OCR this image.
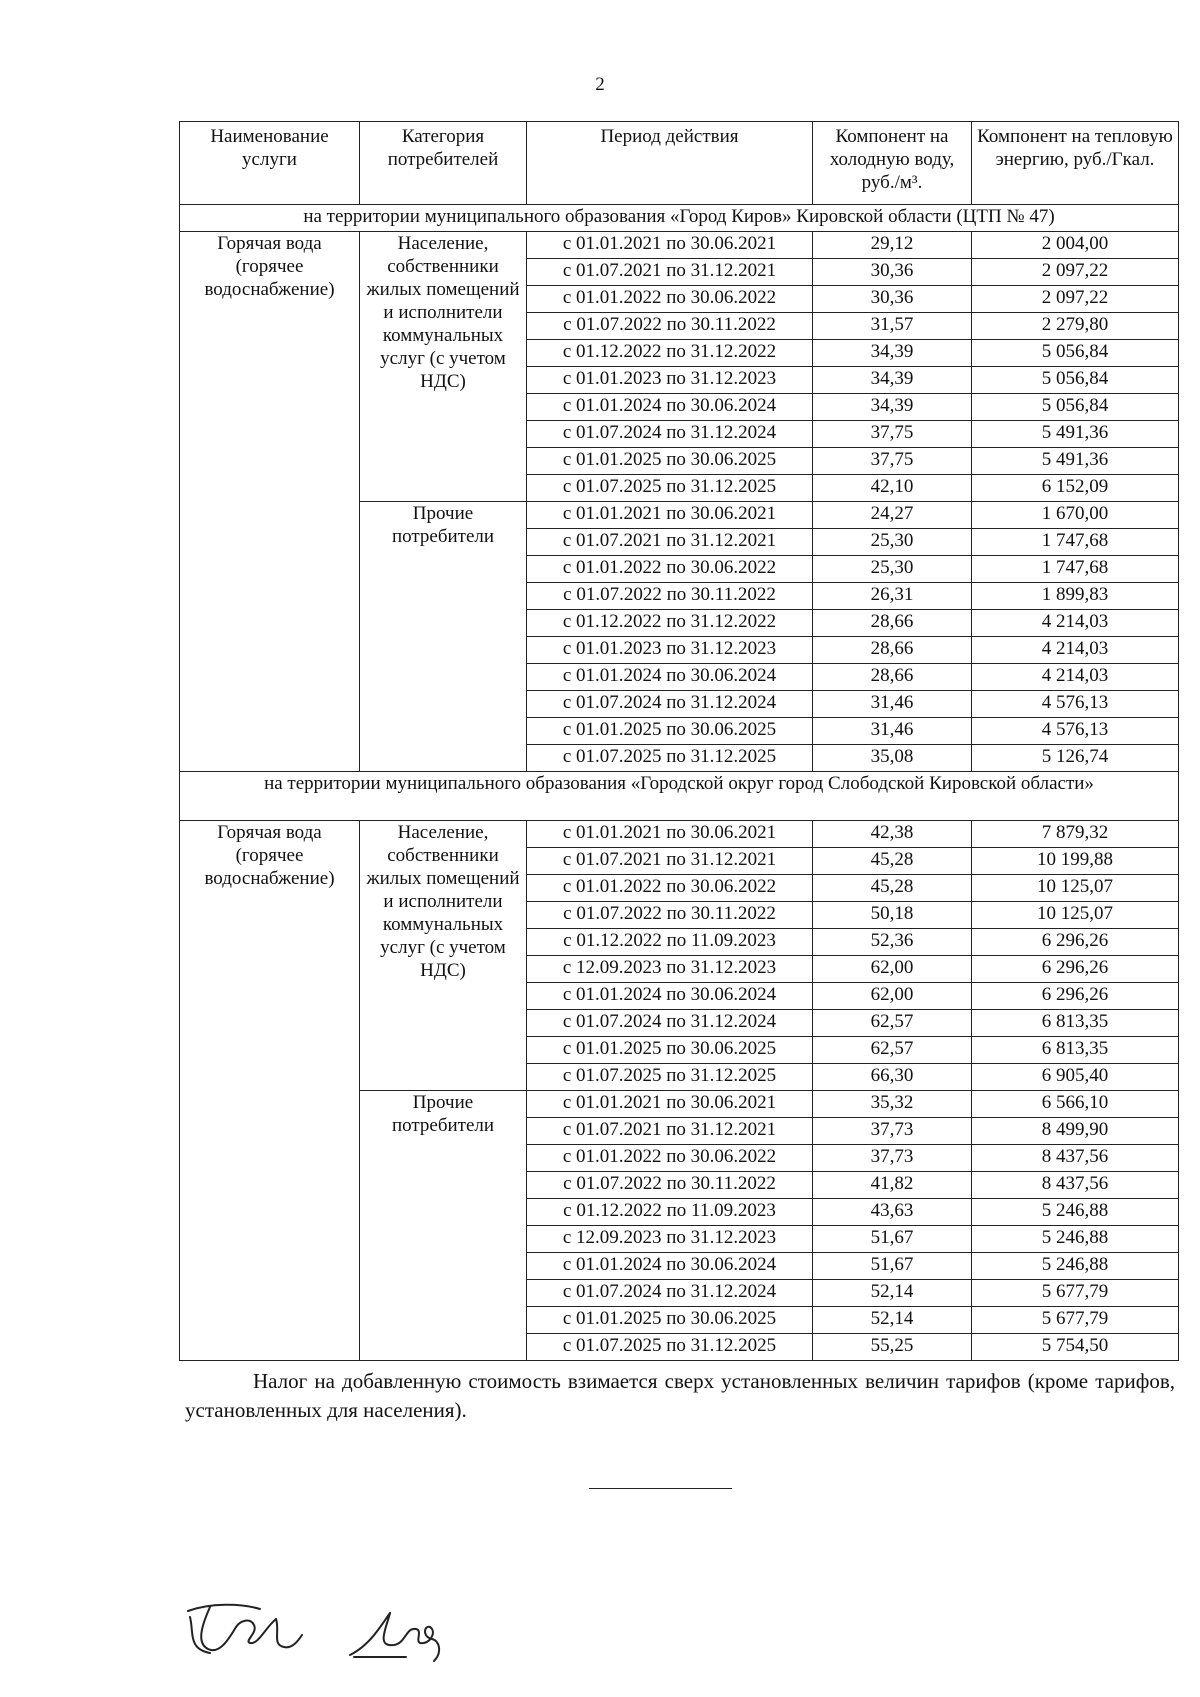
2
Наименование услуги	Категория потребителей	Период действия	Компонент на холодную воду, руб./м³.	Компонент на тепловую энергию, руб./Гкал.
на территории муниципального образования «Город Киров» Кировской области (ЦТП № 47)				
Горячая вода (горячее водоснабжение)	Население, собственники жилых помещений и исполнители коммунальных услуг (с учетом НДС)	с 01.01.2021 по 30.06.2021	29,12	2 004,00
		с 01.07.2021 по 31.12.2021	30,36	2 097,22
		с 01.01.2022 по 30.06.2022	30,36	2 097,22
		с 01.07.2022 по 30.11.2022	31,57	2 279,80
		с 01.12.2022 по 31.12.2022	34,39	5 056,84
		с 01.01.2023 по 31.12.2023	34,39	5 056,84
		с 01.01.2024 по 30.06.2024	34,39	5 056,84
		с 01.07.2024 по 31.12.2024	37,75	5 491,36
		с 01.01.2025 по 30.06.2025	37,75	5 491,36
		с 01.07.2025 по 31.12.2025	42,10	6 152,09
	Прочие потребители	с 01.01.2021 по 30.06.2021	24,27	1 670,00
		с 01.07.2021 по 31.12.2021	25,30	1 747,68
		с 01.01.2022 по 30.06.2022	25,30	1 747,68
		с 01.07.2022 по 30.11.2022	26,31	1 899,83
		с 01.12.2022 по 31.12.2022	28,66	4 214,03
		с 01.01.2023 по 31.12.2023	28,66	4 214,03
		с 01.01.2024 по 30.06.2024	28,66	4 214,03
		с 01.07.2024 по 31.12.2024	31,46	4 576,13
		с 01.01.2025 по 30.06.2025	31,46	4 576,13
		с 01.07.2025 по 31.12.2025	35,08	5 126,74
на территории муниципального образования «Городской округ город Слободской Кировской области»				
Горячая вода (горячее водоснабжение)	Население, собственники жилых помещений и исполнители коммунальных услуг (с учетом НДС)	с 01.01.2021 по 30.06.2021	42,38	7 879,32
		с 01.07.2021 по 31.12.2021	45,28	10 199,88
		с 01.01.2022 по 30.06.2022	45,28	10 125,07
		с 01.07.2022 по 30.11.2022	50,18	10 125,07
		с 01.12.2022 по 11.09.2023	52,36	6 296,26
		с 12.09.2023 по 31.12.2023	62,00	6 296,26
		с 01.01.2024 по 30.06.2024	62,00	6 296,26
		с 01.07.2024 по 31.12.2024	62,57	6 813,35
		с 01.01.2025 по 30.06.2025	62,57	6 813,35
		с 01.07.2025 по 31.12.2025	66,30	6 905,40
	Прочие потребители	с 01.01.2021 по 30.06.2021	35,32	6 566,10
		с 01.07.2021 по 31.12.2021	37,73	8 499,90
		с 01.01.2022 по 30.06.2022	37,73	8 437,56
		с 01.07.2022 по 30.11.2022	41,82	8 437,56
		с 01.12.2022 по 11.09.2023	43,63	5 246,88
		с 12.09.2023 по 31.12.2023	51,67	5 246,88
		с 01.01.2024 по 30.06.2024	51,67	5 246,88
		с 01.07.2024 по 31.12.2024	52,14	5 677,79
		с 01.01.2025 по 30.06.2025	52,14	5 677,79
		с 01.07.2025 по 31.12.2025	55,25	5 754,50
Налог на добавленную стоимость взимается сверх установленных величин тарифов (кроме тарифов, установленных для населения).
